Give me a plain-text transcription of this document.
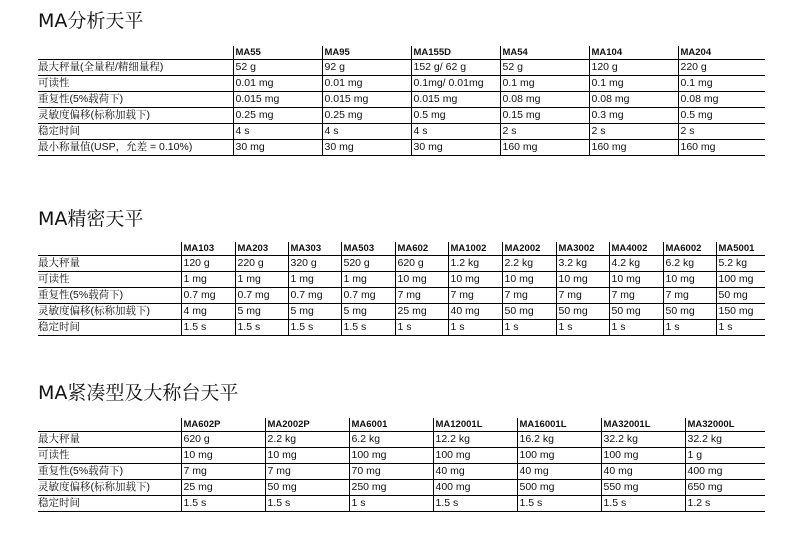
MA分析天平
	MA55	MA95	MA155D	MA54	MA104	MA204
最大秤量(全量程/精细量程)	52 g	92 g	152 g/ 62 g	52 g	120 g	220 g
可读性	0.01 mg	0.01 mg	0.1mg/ 0.01mg	0.1 mg	0.1 mg	0.1 mg
重复性(5%载荷下)	0.015 mg	0.015 mg	0.015 mg	0.08 mg	0.08 mg	0.08 mg
灵敏度偏移(标称加载下)	0.25 mg	0.25 mg	0.5 mg	0.15 mg	0.3 mg	0.5 mg
稳定时间	4 s	4 s	4 s	2 s	2 s	2 s
最小称量值(USP，允差 = 0.10%)	30 mg	30 mg	30 mg	160 mg	160 mg	160 mg
MA精密天平
	MA103	MA203	MA303	MA503	MA602	MA1002	MA2002	MA3002	MA4002	MA6002	MA5001
最大秤量	120 g	220 g	320 g	520 g	620 g	1.2 kg	2.2 kg	3.2 kg	4.2 kg	6.2 kg	5.2 kg
可读性	1 mg	1 mg	1 mg	1 mg	10 mg	10 mg	10 mg	10 mg	10 mg	10 mg	100 mg
重复性(5%载荷下)	0.7 mg	0.7 mg	0.7 mg	0.7 mg	7 mg	7 mg	7 mg	7 mg	7 mg	7 mg	50 mg
灵敏度偏移(标称加载下)	4 mg	5 mg	5 mg	5 mg	25 mg	40 mg	50 mg	50 mg	50 mg	50 mg	150 mg
稳定时间	1.5 s	1.5 s	1.5 s	1.5 s	1 s	1 s	1 s	1 s	1 s	1 s	1 s
MA紧凑型及大称台天平
	MA602P	MA2002P	MA6001	MA12001L	MA16001L	MA32001L	MA32000L
最大秤量	620 g	2.2 kg	6.2 kg	12.2 kg	16.2 kg	32.2 kg	32.2 kg
可读性	10 mg	10 mg	100 mg	100 mg	100 mg	100 mg	1 g
重复性(5%载荷下)	7 mg	7 mg	70 mg	40 mg	40 mg	40 mg	400 mg
灵敏度偏移(标称加载下)	25 mg	50 mg	250 mg	400 mg	500 mg	550 mg	650 mg
稳定时间	1.5 s	1.5 s	1 s	1.5 s	1.5 s	1.5 s	1.2 s
